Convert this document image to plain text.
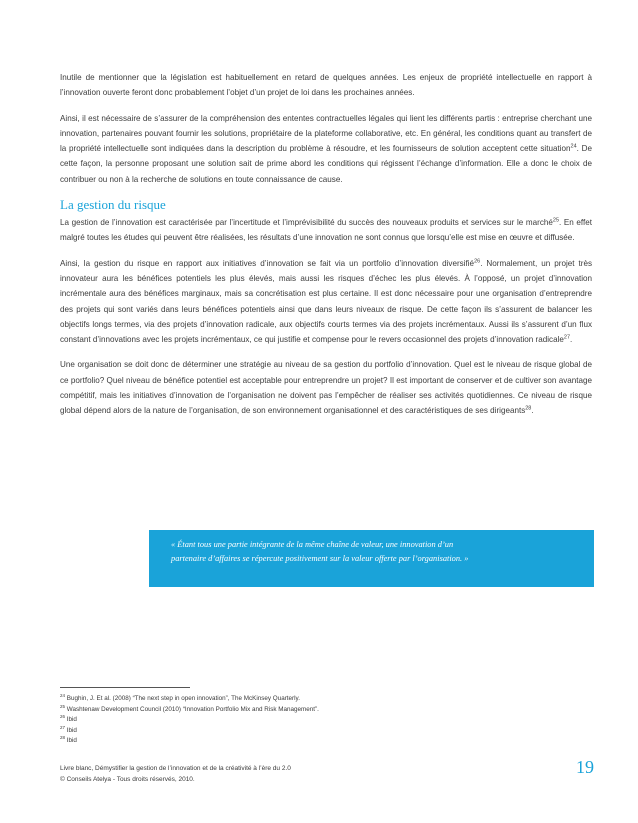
Inutile de mentionner que la législation est habituellement en retard de quelques années. Les enjeux de propriété intellectuelle en rapport à l’innovation ouverte feront donc probablement l’objet d’un projet de loi dans les prochaines années.

Ainsi, il est nécessaire de s’assurer de la compréhension des ententes contractuelles légales qui lient les différents partis : entreprise cherchant une innovation, partenaires pouvant fournir les solutions, propriétaire de la plateforme collaborative, etc. En général, les conditions quant au transfert de la propriété intellectuelle sont indiquées dans la description du problème à résoudre, et les fournisseurs de solution acceptent cette situation$^{24}$. De cette façon, la personne proposant une solution sait de prime abord les conditions qui régissent l’échange d’information. Elle a donc le choix de contribuer ou non à la recherche de solutions en toute connaissance de cause.

La gestion du risque

La gestion de l’innovation est caractérisée par l’incertitude et l’imprévisibilité du succès des nouveaux produits et services sur le marché$^{25}$. En effet malgré toutes les études qui peuvent être réalisées, les résultats d’une innovation ne sont connus que lorsqu’elle est mise en œuvre et diffusée.

Ainsi, la gestion du risque en rapport aux initiatives d’innovation se fait via un portfolio d’innovation diversifié$^{26}$. Normalement, un projet très innovateur aura les bénéfices potentiels les plus élevés, mais aussi les risques d’échec les plus élevés. À l’opposé, un projet d’innovation incrémentale aura des bénéfices marginaux, mais sa concrétisation est plus certaine. Il est donc nécessaire pour une organisation d’entreprendre des projets qui sont variés dans leurs bénéfices potentiels ainsi que dans leurs niveaux de risque. De cette façon ils s’assurent de balancer les objectifs longs termes, via des projets d’innovation radicale, aux objectifs courts termes via des projets incrémentaux. Aussi ils s’assurent d’un flux constant d’innovations avec les projets incrémentaux, ce qui justifie et compense pour le revers occasionnel des projets d’innovation radicale$^{27}$.

Une organisation se doit donc de déterminer une stratégie au niveau de sa gestion du portfolio d’innovation. Quel est le niveau de risque global de ce portfolio? Quel niveau de bénéfice potentiel est acceptable pour entreprendre un projet? Il est important de conserver et de cultiver son avantage compétitif, mais les initiatives d’innovation de l’organisation ne doivent pas l’empêcher de réaliser ses activités quotidiennes. Ce niveau de risque global dépend alors de la nature de l’organisation, de son environnement organisationnel et des caractéristiques de ses dirigeants$^{28}$.

« Étant tous une partie intégrante de la même chaîne de valeur, une innovation d’un
partenaire d’affaires se répercute positivement sur la valeur offerte par l’organisation. »
$^{24}$ Bughin, J. Et al. (2008) “The next step in open innovation”, The McKinsey Quarterly.
$^{25}$ Washtenaw Development Council (2010) “Innovation Portfolio Mix and Risk Management”.
$^{26}$ Ibid
$^{27}$ Ibid
$^{28}$ Ibid
Livre blanc, Démystifier la gestion de l’innovation et de la créativité à l’ère du 2.0
© Conseils Atelya - Tous droits réservés, 2010.
19
